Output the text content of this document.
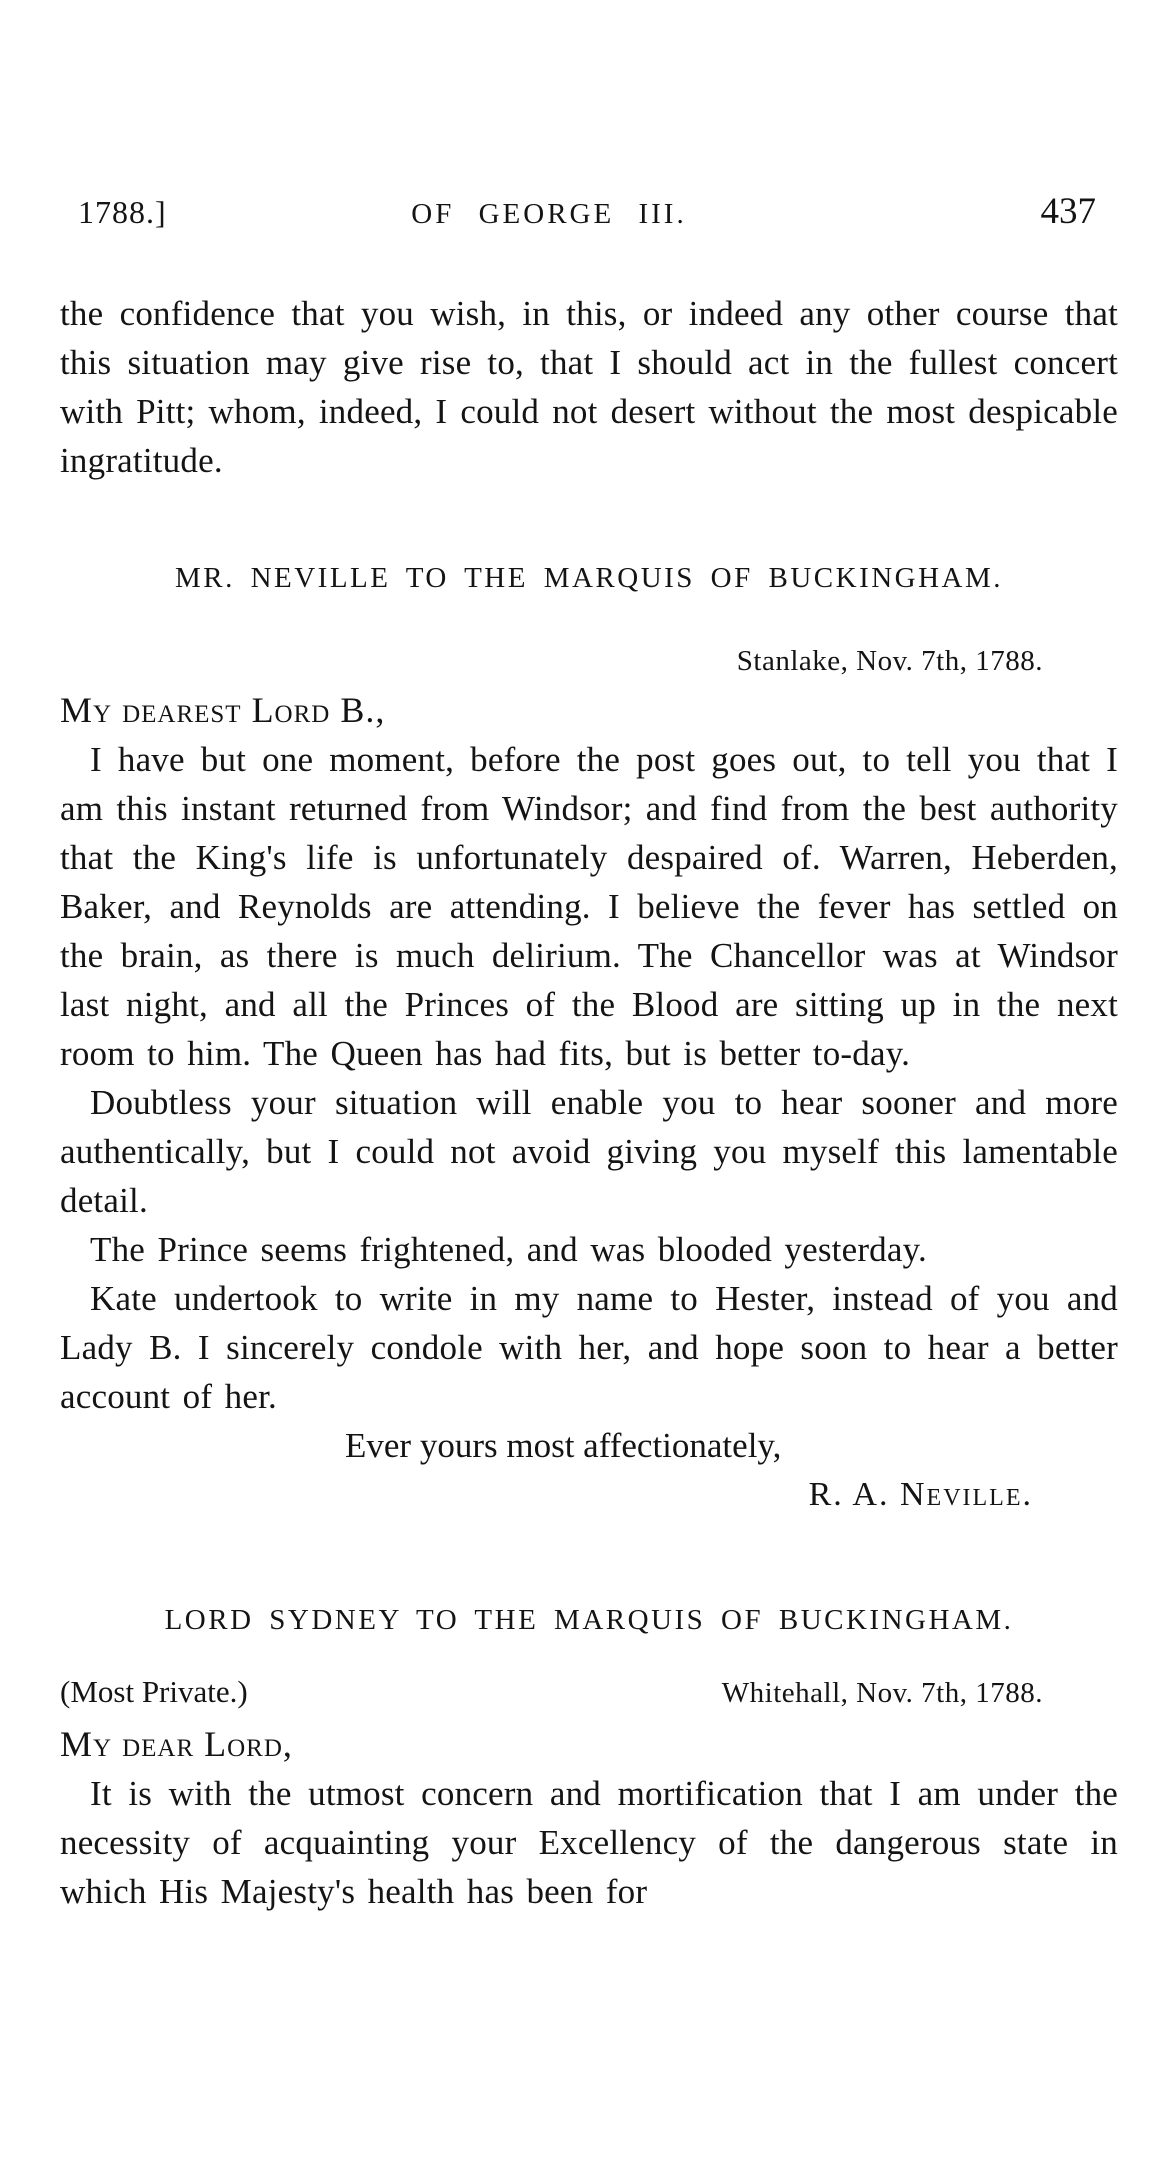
1788.]	OF GEORGE III.	437

the confidence that you wish, in this, or indeed any other course that this situation may give rise to, that I should act in the fullest concert with Pitt; whom, indeed, I could not desert without the most despicable ingratitude.

MR. NEVILLE TO THE MARQUIS OF BUCKINGHAM.
Stanlake, Nov. 7th, 1788.
My dearest Lord B.,

I have but one moment, before the post goes out, to tell you that I am this instant returned from Windsor; and find from the best authority that the King's life is unfortunately despaired of. Warren, Heberden, Baker, and Reynolds are attending. I believe the fever has settled on the brain, as there is much delirium. The Chancellor was at Windsor last night, and all the Princes of the Blood are sitting up in the next room to him. The Queen has had fits, but is better to-day.

Doubtless your situation will enable you to hear sooner and more authentically, but I could not avoid giving you myself this lamentable detail.

The Prince seems frightened, and was blooded yesterday.

Kate undertook to write in my name to Hester, instead of you and Lady B. I sincerely condole with her, and hope soon to hear a better account of her.

Ever yours most affectionately,
R. A. Neville.
LORD SYDNEY TO THE MARQUIS OF BUCKINGHAM.
(Most Private.)	Whitehall, Nov. 7th, 1788.
My dear Lord,

It is with the utmost concern and mortification that I am under the necessity of acquainting your Excellency of the dangerous state in which His Majesty's health has been for
